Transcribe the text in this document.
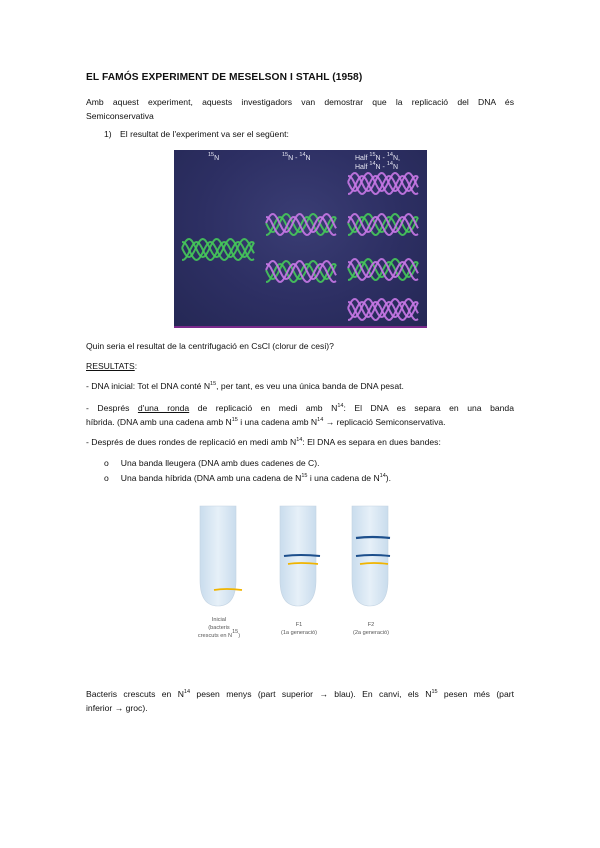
EL FAMÓS EXPERIMENT DE MESELSON I STAHL (1958)
Amb aquest experiment, aquests investigadors van demostrar que la replicació del DNA és
Semiconservativa
1) El resultat de l'experiment va ser el següent:
$^{15}$N	$^{15}$N - $^{14}$N	Half $^{15}$N - $^{14}$N,
Half $^{14}$N - $^{14}$N
Quin seria el resultat de la centrifugació en CsCl (clorur de cesi)?
RESULTATS:
- DNA inicial: Tot el DNA conté $N^{15}$, per tant, es veu una única banda de DNA pesat.
- Després d'una ronda de replicació en medi amb $N^{14}$: El DNA es separa en una banda
híbrida. (DNA amb una cadena amb $N^{15}$ i una cadena amb $N^{14}$ → replicació Semiconservativa.
- Després de dues rondes de replicació en medi amb $N^{14}$: El DNA es separa en dues bandes:
o Una banda lleugera (DNA amb dues cadenes de C).
o Una banda híbrida (DNA amb una cadena de $N^{15}$ i una cadena de $N^{14}$).
Inicial
(bacteris
crescuts en $N^{15}$)
F1
(1a generació)
F2
(2a generació)
Bacteris crescuts en $N^{14}$ pesen menys (part superior → blau). En canvi, els $N^{15}$ pesen més (part
inferior → groc).
